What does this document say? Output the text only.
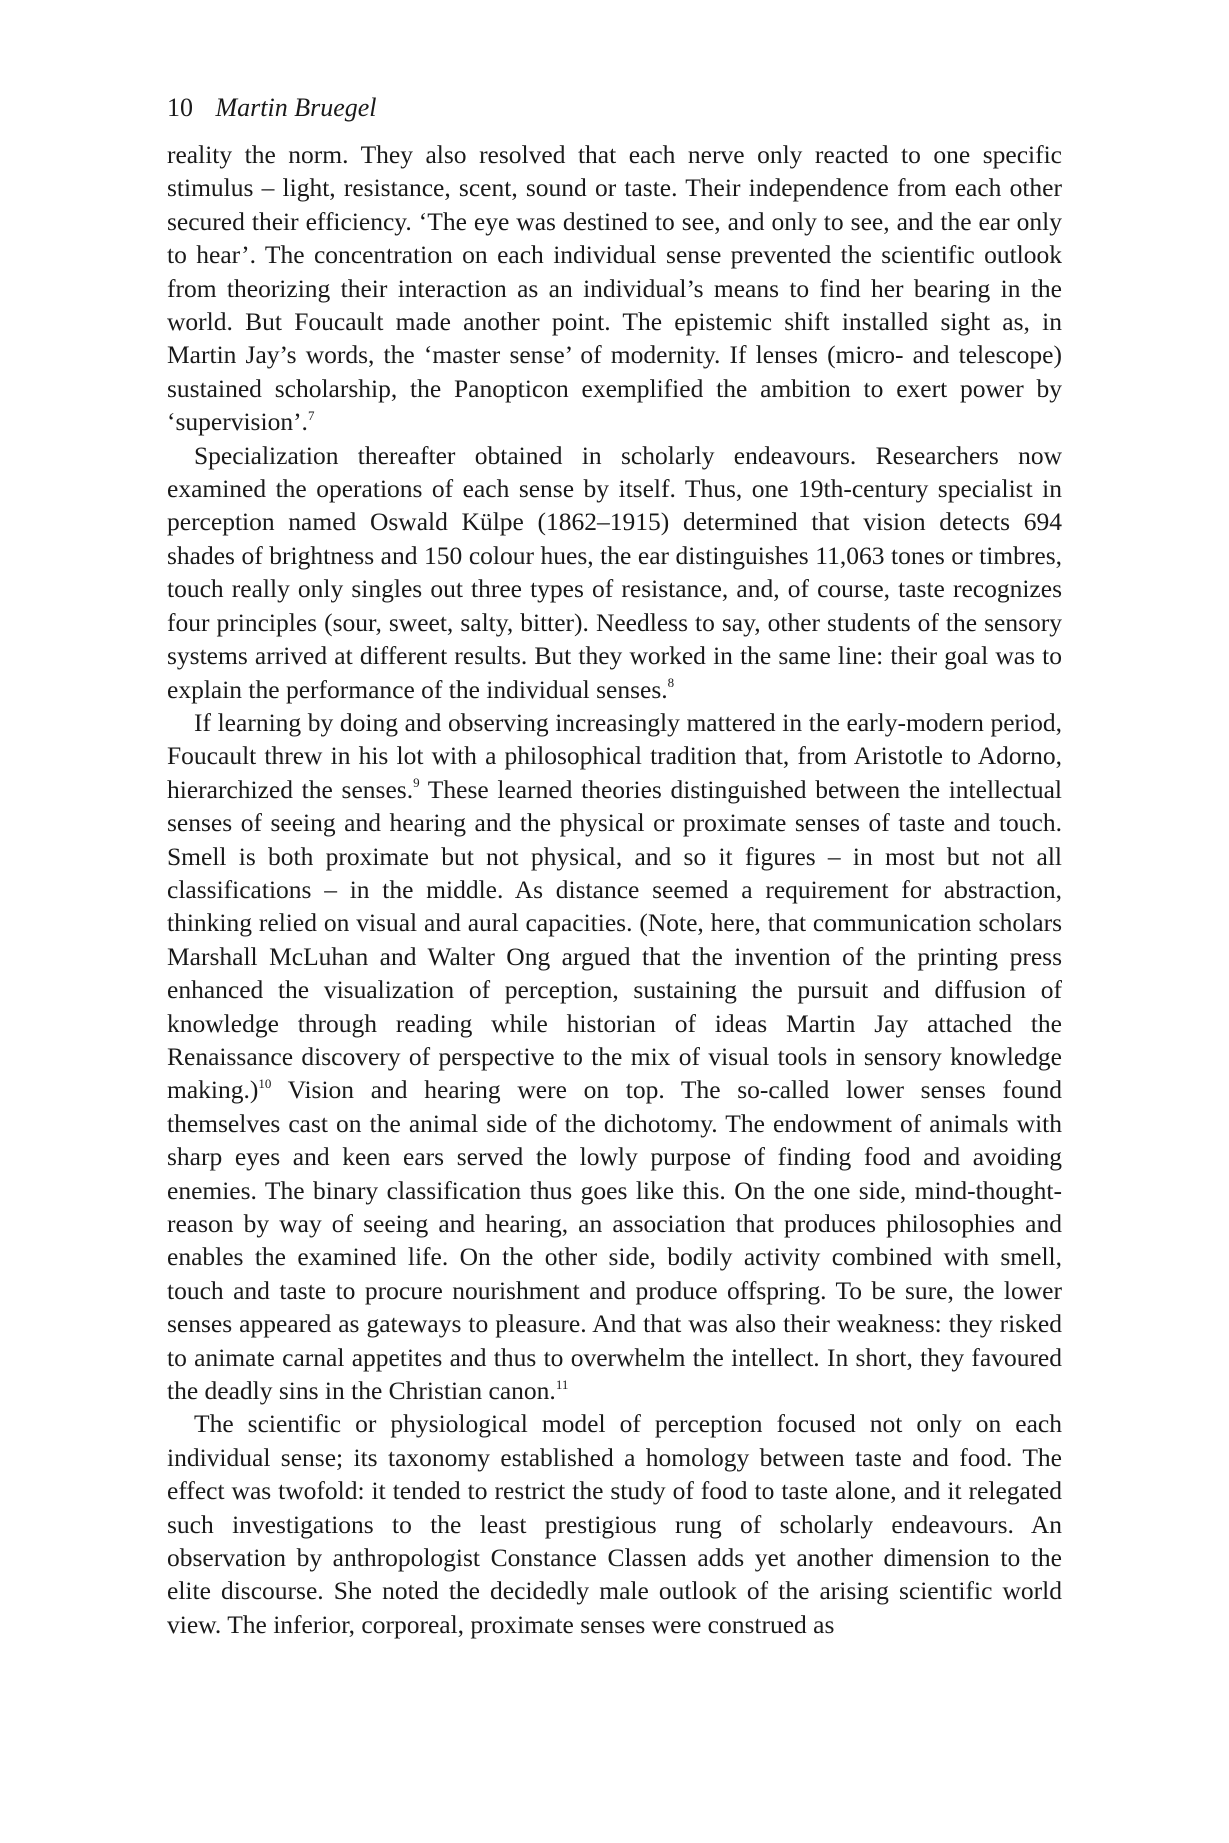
10 Martin Bruegel

reality the norm. They also resolved that each nerve only reacted to one specific stimulus – light, resistance, scent, sound or taste. Their independence from each other secured their efficiency. ‘The eye was destined to see, and only to see, and the ear only to hear’. The concentration on each individual sense prevented the scientific outlook from theorizing their interaction as an individual’s means to find her bearing in the world. But Foucault made another point. The epistemic shift installed sight as, in Martin Jay’s words, the ‘master sense’ of modernity. If lenses (micro- and telescope) sustained scholarship, the Panopticon exemplified the ambition to exert power by ‘supervision’.$^7$

Specialization thereafter obtained in scholarly endeavours. Researchers now examined the operations of each sense by itself. Thus, one 19th-century specialist in perception named Oswald Külpe (1862–1915) determined that vision detects 694 shades of brightness and 150 colour hues, the ear distinguishes 11,063 tones or timbres, touch really only singles out three types of resistance, and, of course, taste recognizes four principles (sour, sweet, salty, bitter). Needless to say, other students of the sensory systems arrived at different results. But they worked in the same line: their goal was to explain the performance of the individual senses.$^8$

If learning by doing and observing increasingly mattered in the early-modern period, Foucault threw in his lot with a philosophical tradition that, from Aristotle to Adorno, hierarchized the senses.$^9$ These learned theories distinguished between the intellectual senses of seeing and hearing and the physical or proximate senses of taste and touch. Smell is both proximate but not physical, and so it figures – in most but not all classifications – in the middle. As distance seemed a requirement for abstraction, thinking relied on visual and aural capacities. (Note, here, that communication scholars Marshall McLuhan and Walter Ong argued that the invention of the printing press enhanced the visualization of perception, sustaining the pursuit and diffusion of knowledge through reading while historian of ideas Martin Jay attached the Renaissance discovery of perspective to the mix of visual tools in sensory knowledge making.)$^{10}$ Vision and hearing were on top. The so-called lower senses found themselves cast on the animal side of the dichotomy. The endowment of animals with sharp eyes and keen ears served the lowly purpose of finding food and avoiding enemies. The binary classification thus goes like this. On the one side, mind-thought-reason by way of seeing and hearing, an association that produces philosophies and enables the examined life. On the other side, bodily activity combined with smell, touch and taste to procure nourishment and produce offspring. To be sure, the lower senses appeared as gateways to pleasure. And that was also their weakness: they risked to animate carnal appetites and thus to overwhelm the intellect. In short, they favoured the deadly sins in the Christian canon.$^{11}$

The scientific or physiological model of perception focused not only on each individual sense; its taxonomy established a homology between taste and food. The effect was twofold: it tended to restrict the study of food to taste alone, and it relegated such investigations to the least prestigious rung of scholarly endeavours. An observation by anthropologist Constance Classen adds yet another dimension to the elite discourse. She noted the decidedly male outlook of the arising scientific world view. The inferior, corporeal, proximate senses were construed as
